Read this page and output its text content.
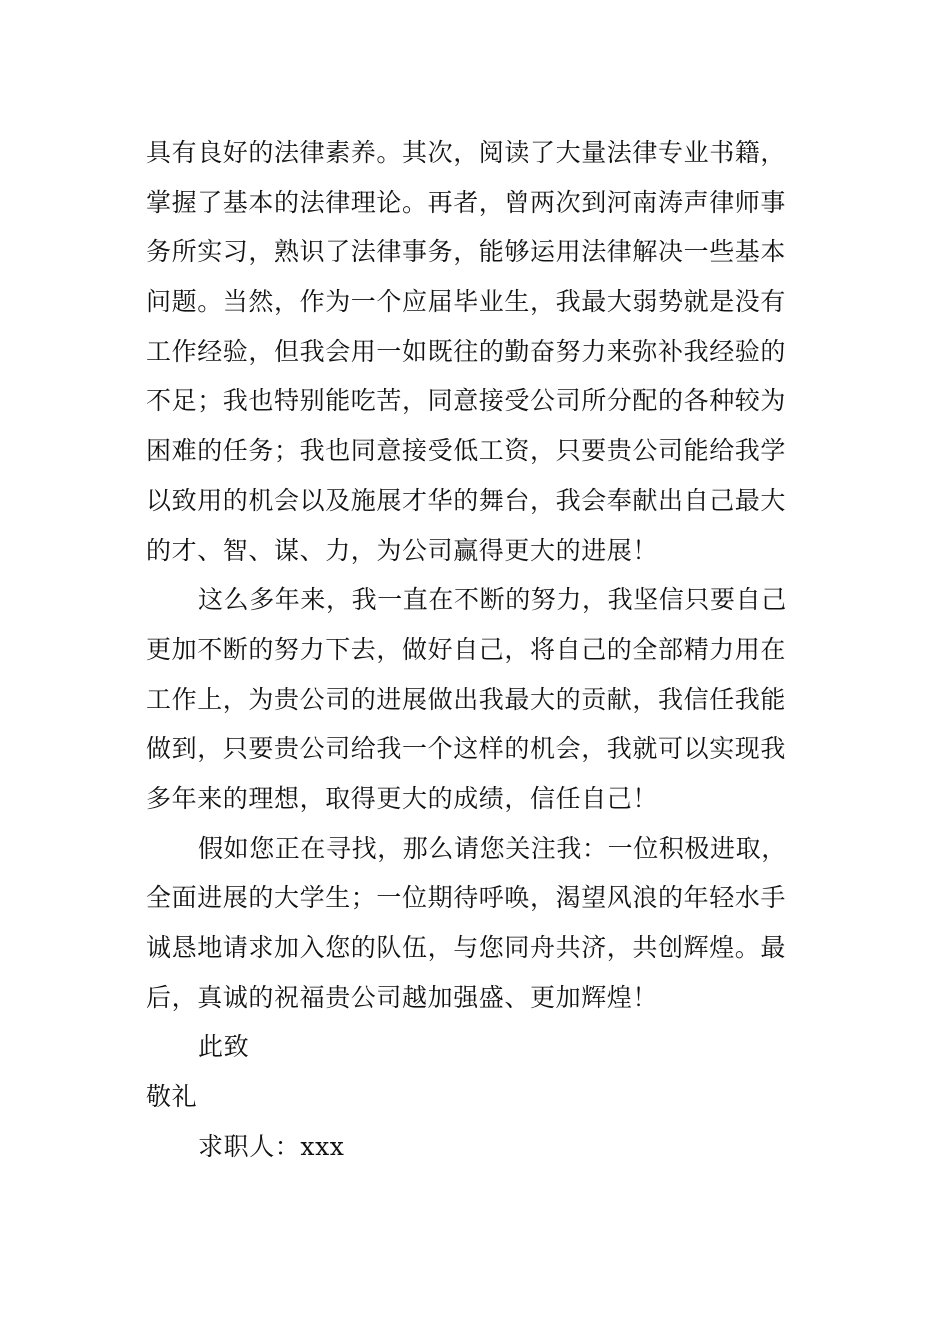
具有良好的法律素养。其次，阅读了大量法律专业书籍，
掌握了基本的法律理论。再者，曾两次到河南涛声律师事
务所实习，熟识了法律事务，能够运用法律解决一些基本
问题。当然，作为一个应届毕业生，我最大弱势就是没有
工作经验，但我会用一如既往的勤奋努力来弥补我经验的
不足；我也特别能吃苦，同意接受公司所分配的各种较为
困难的任务；我也同意接受低工资，只要贵公司能给我学
以致用的机会以及施展才华的舞台，我会奉献出自己最大
的才、智、谋、力，为公司赢得更大的进展！
这么多年来，我一直在不断的努力，我坚信只要自己
更加不断的努力下去，做好自己，将自己的全部精力用在
工作上，为贵公司的进展做出我最大的贡献，我信任我能
做到，只要贵公司给我一个这样的机会，我就可以实现我
多年来的理想，取得更大的成绩，信任自己！
假如您正在寻找，那么请您关注我：一位积极进取，
全面进展的大学生；一位期待呼唤，渴望风浪的年轻水手
诚恳地请求加入您的队伍，与您同舟共济，共创辉煌。最
后，真诚的祝福贵公司越加强盛、更加辉煌！
此致
敬礼
求职人：xxx
